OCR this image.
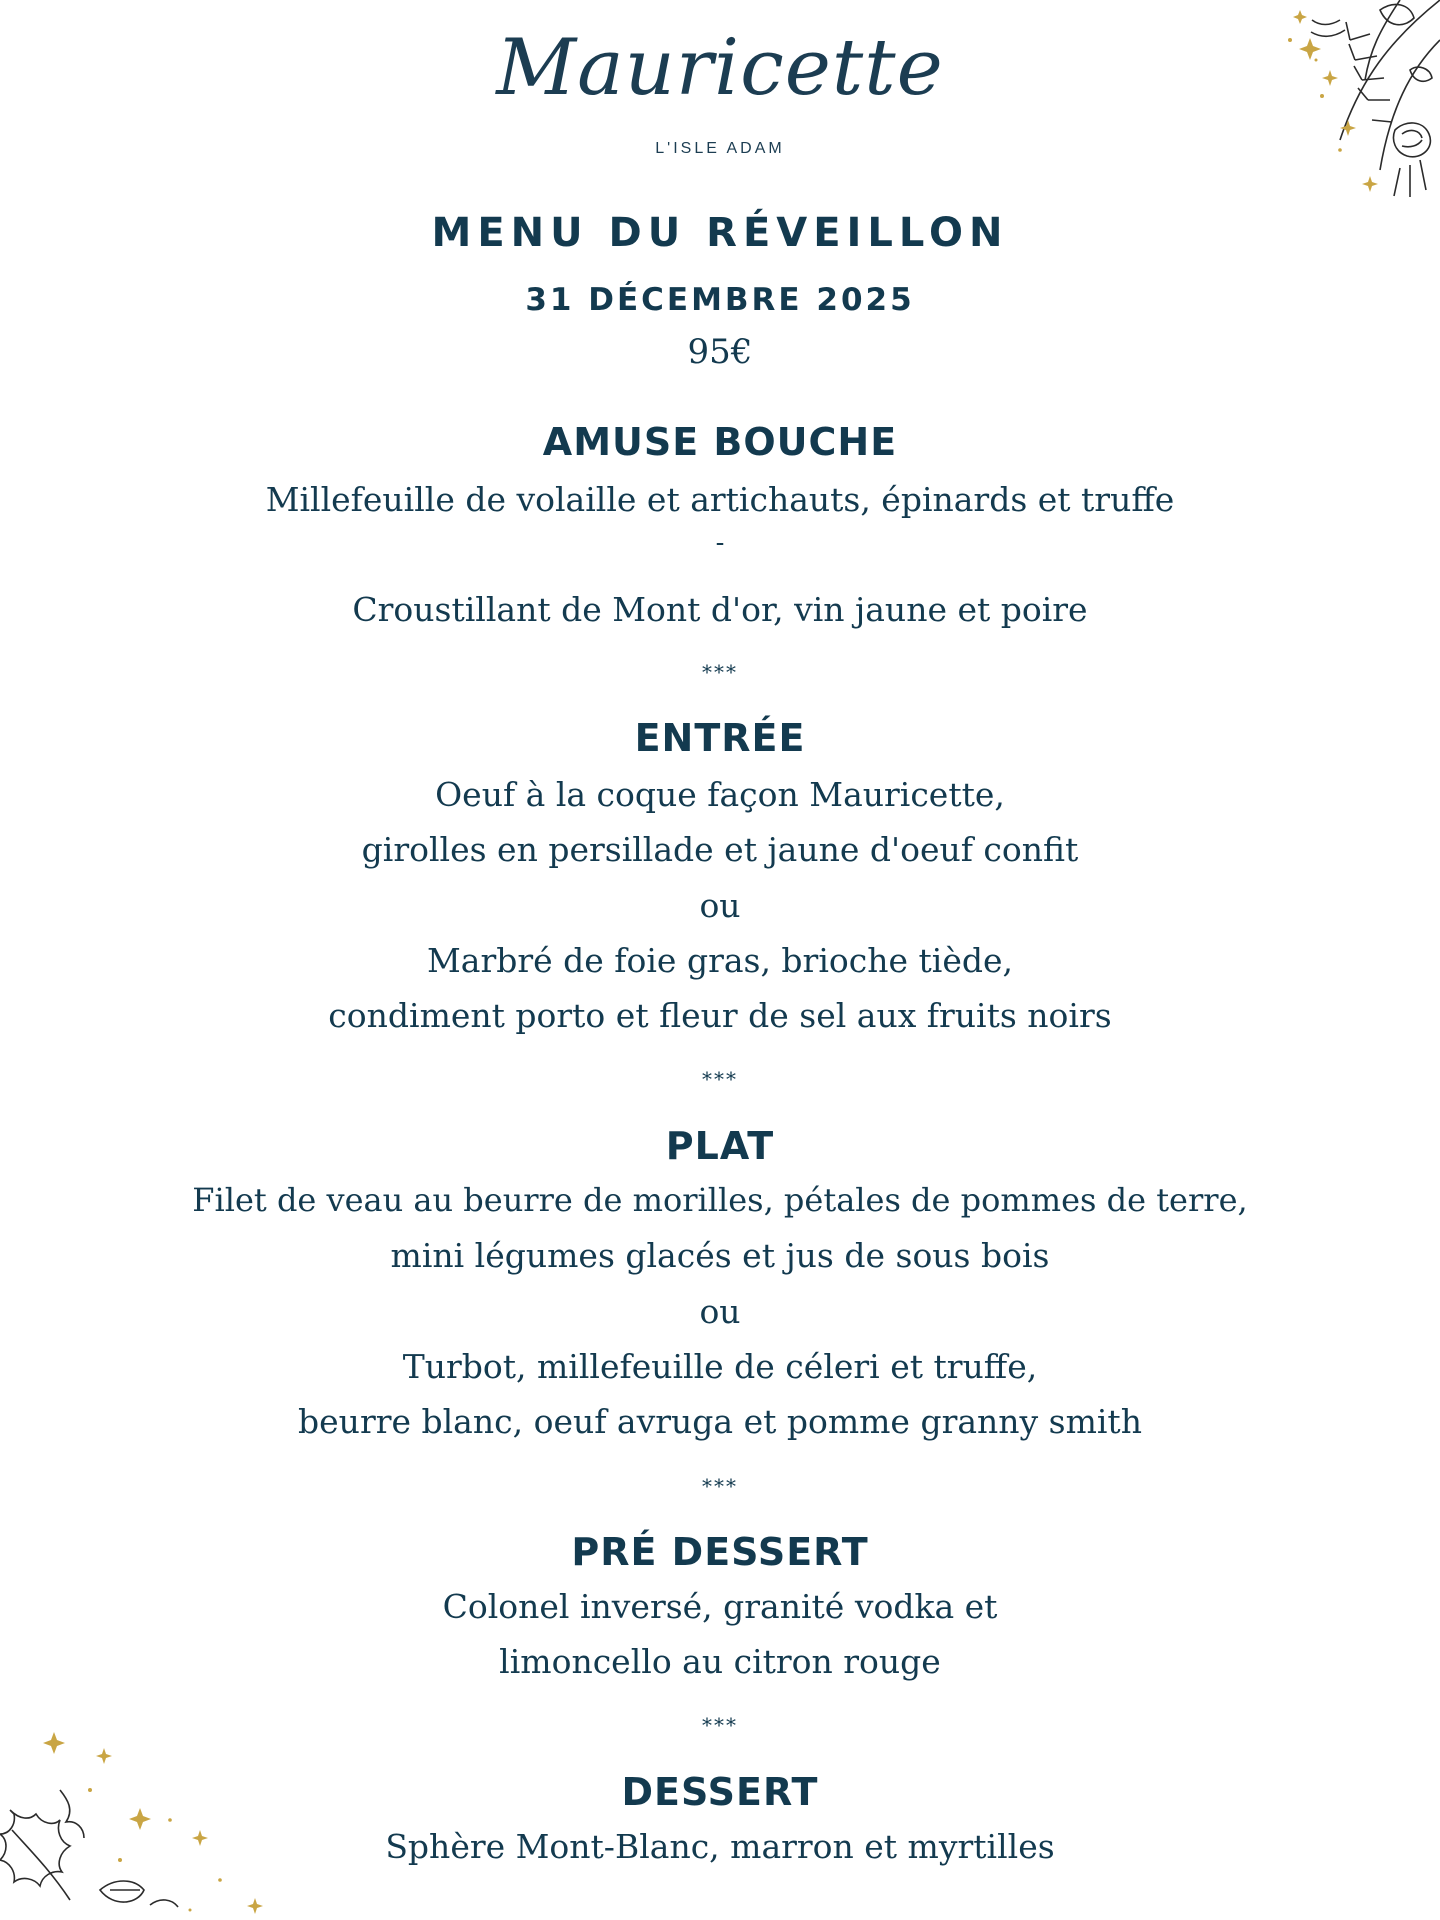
Mauricette
L'ISLE ADAM
MENU DU RÉVEILLON
31 DÉCEMBRE 2025
95€
AMUSE BOUCHE
Millefeuille de volaille et artichauts, épinards et truffe
-
Croustillant de Mont d'or, vin jaune et poire
***
ENTRÉE
Oeuf à la coque façon Mauricette,
girolles en persillade et jaune d'oeuf confit
ou
Marbré de foie gras, brioche tiède,
condiment porto et fleur de sel aux fruits noirs
***
PLAT
Filet de veau au beurre de morilles, pétales de pommes de terre,
mini légumes glacés et jus de sous bois
ou
Turbot, millefeuille de céleri et truffe,
beurre blanc, oeuf avruga et pomme granny smith
***
PRÉ DESSERT
Colonel inversé, granité vodka et
limoncello au citron rouge
***
DESSERT
Sphère Mont-Blanc, marron et myrtilles
